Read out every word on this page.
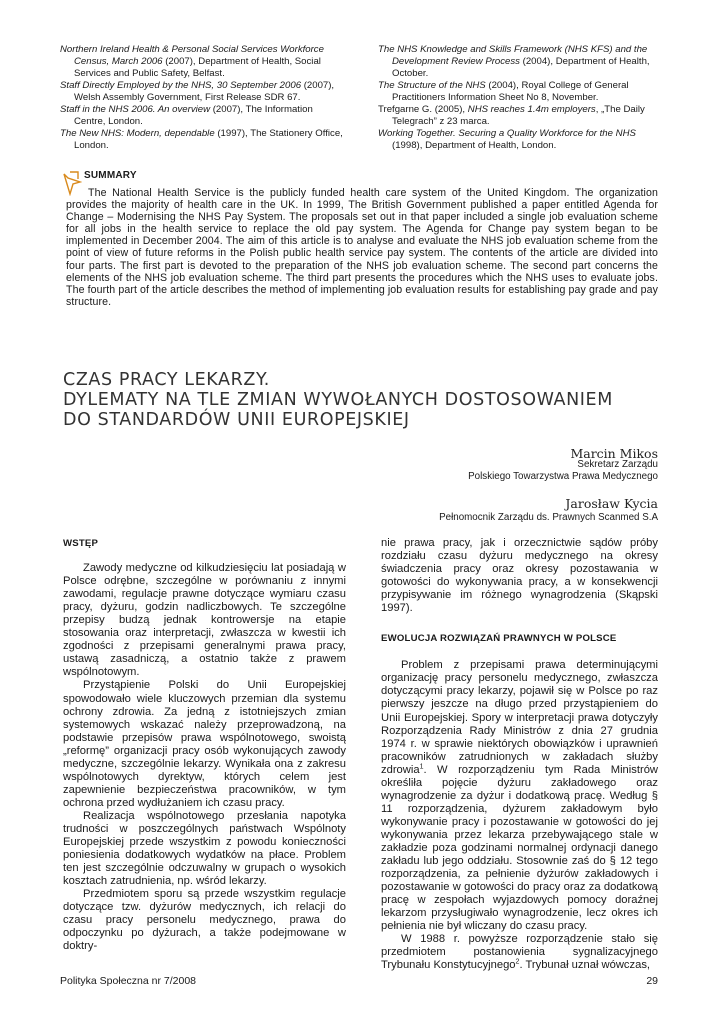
Northern Ireland Health & Personal Social Services Workforce Census, March 2006 (2007), Department of Health, Social Services and Public Safety, Belfast.

Staff Directly Employed by the NHS, 30 September 2006 (2007), Welsh Assembly Government, First Release SDR 67.

Staff in the NHS 2006. An overview (2007), The Information Centre, London.

The New NHS: Modern, dependable (1997), The Stationery Office, London.

The NHS Knowledge and Skills Framework (NHS KFS) and the Development Review Process (2004), Department of Health, October.

The Structure of the NHS (2004), Royal College of General Practitioners Information Sheet No 8, November.

Trefgarne G. (2005), NHS reaches 1.4m employers, „The Daily Telegrach” z 23 marca.

Working Together. Securing a Quality Workforce for the NHS (1998), Department of Health, London.

SUMMARY
The National Health Service is the publicly funded health care system of the United Kingdom. The organization provides the majority of health care in the UK. In 1999, The British Government published a paper entitled Agenda for Change – Modernising the NHS Pay System. The proposals set out in that paper included a single job evaluation scheme for all jobs in the health service to replace the old pay system. The Agenda for Change pay system began to be implemented in December 2004. The aim of this article is to analyse and evaluate the NHS job evaluation scheme from the point of view of future reforms in the Polish public health service pay system. The contents of the article are divided into four parts. The first part is devoted to the preparation of the NHS job evaluation scheme. The second part concerns the elements of the NHS job evaluation scheme. The third part presents the procedures which the NHS uses to evaluate jobs. The fourth part of the article describes the method of implementing job evaluation results for establishing pay grade and pay structure.
CZAS PRACY LEKARZY.
DYLEMATY NA TLE ZMIAN WYWOŁANYCH DOSTOSOWANIEM
DO STANDARDÓW UNII EUROPEJSKIEJ
Marcin Mikos
Sekretarz Zarządu
Polskiego Towarzystwa Prawa Medycznego
Jarosław Kycia
Pełnomocnik Zarządu ds. Prawnych Scanmed S.A
WSTĘP

Zawody medyczne od kilkudziesięciu lat posiadają w Polsce odrębne, szczególne w porównaniu z innymi zawodami, regulacje prawne dotyczące wymiaru czasu pracy, dyżuru, godzin nadliczbowych. Te szczególne przepisy budzą jednak kontrowersje na etapie stosowania oraz interpretacji, zwłaszcza w kwestii ich zgodności z przepisami generalnymi prawa pracy, ustawą zasadniczą, a ostatnio także z prawem wspólnotowym.

Przystąpienie Polski do Unii Europejskiej spowodowało wiele kluczowych przemian dla systemu ochrony zdrowia. Za jedną z istotniejszych zmian systemowych wskazać należy przeprowadzoną, na podstawie przepisów prawa wspólnotowego, swoistą „reformę” organizacji pracy osób wykonujących zawody medyczne, szczególnie lekarzy. Wynikała ona z zakresu wspólnotowych dyrektyw, których celem jest zapewnienie bezpieczeństwa pracowników, w tym ochrona przed wydłużaniem ich czasu pracy.

Realizacja wspólnotowego przesłania napotyka trudności w poszczególnych państwach Wspólnoty Europejskiej przede wszystkim z powodu konieczności poniesienia dodatkowych wydatków na płace. Problem ten jest szczególnie odczuwalny w grupach o wysokich kosztach zatrudnienia, np. wśród lekarzy.

Przedmiotem sporu są przede wszystkim regulacje dotyczące tzw. dyżurów medycznych, ich relacji do czasu pracy personelu medycznego, prawa do odpoczynku po dyżurach, a także podejmowane w doktry-

nie prawa pracy, jak i orzecznictwie sądów próby rozdziału czasu dyżuru medycznego na okresy świadczenia pracy oraz okresy pozostawania w gotowości do wykonywania pracy, a w konsekwencji przypisywanie im różnego wynagrodzenia (Skąpski 1997).

EWOLUCJA ROZWIĄZAŃ PRAWNYCH W POLSCE

Problem z przepisami prawa determinującymi organizację pracy personelu medycznego, zwłaszcza dotyczącymi pracy lekarzy, pojawił się w Polsce po raz pierwszy jeszcze na długo przed przystąpieniem do Unii Europejskiej. Spory w interpretacji prawa dotyczyły Rozporządzenia Rady Ministrów z dnia 27 grudnia 1974 r. w sprawie niektórych obowiązków i uprawnień pracowników zatrudnionych w zakładach służby zdrowia$^1$. W rozporządzeniu tym Rada Ministrów określiła pojęcie dyżuru zakładowego oraz wynagrodzenie za dyżur i dodatkową pracę. Według § 11 rozporządzenia, dyżurem zakładowym było wykonywanie pracy i pozostawanie w gotowości do jej wykonywania przez lekarza przebywającego stale w zakładzie poza godzinami normalnej ordynacji danego zakładu lub jego oddziału. Stosownie zaś do § 12 tego rozporządzenia, za pełnienie dyżurów zakładowych i pozostawanie w gotowości do pracy oraz za dodatkową pracę w zespołach wyjazdowych pomocy doraźnej lekarzom przysługiwało wynagrodzenie, lecz okres ich pełnienia nie był wliczany do czasu pracy.

W 1988 r. powyższe rozporządzenie stało się przedmiotem postanowienia sygnalizacyjnego Trybunału Konstytucyjnego$^2$. Trybunał uznał wówczas,

Polityka Społeczna nr 7/2008	29
